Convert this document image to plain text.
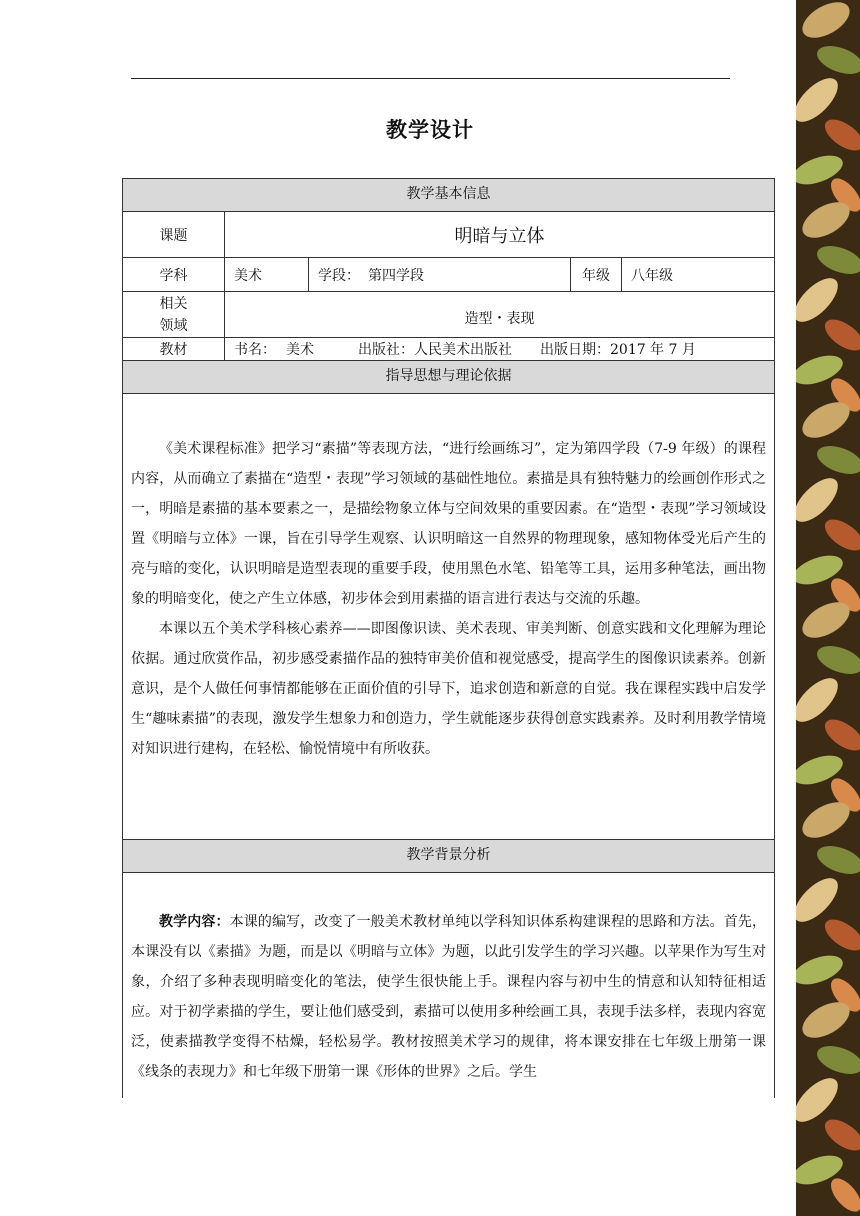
教学设计
教学基本信息
课题	明暗与立体
学科	美术	学段： 第四学段	年级	八年级
相关
领域	造型・表现
教材	书名： 美术	出版社： 人民美术出版社 出版日期： 2017 年 7 月
指导思想与理论依据

《美术课程标准》把学习“素描”等表现方法，“进行绘画练习”，定为第四学段（7-9 年级）的课程内容，从而确立了素描在“造型・表现”学习领域的基础性地位。素描是具有独特魅力的绘画创作形式之一，明暗是素描的基本要素之一，是描绘物象立体与空间效果的重要因素。在“造型・表现”学习领域设置《明暗与立体》一课，旨在引导学生观察、认识明暗这一自然界的物理现象，感知物体受光后产生的亮与暗的变化，认识明暗是造型表现的重要手段，使用黑色水笔、铅笔等工具，运用多种笔法，画出物象的明暗变化，使之产生立体感，初步体会到用素描的语言进行表达与交流的乐趣。

本课以五个美术学科核心素养——即图像识读、美术表现、审美判断、创意实践和文化理解为理论依据。通过欣赏作品，初步感受素描作品的独特审美价值和视觉感受，提高学生的图像识读素养。创新意识，是个人做任何事情都能够在正面价值的引导下，追求创造和新意的自觉。我在课程实践中启发学生“趣味素描”的表现，激发学生想象力和创造力，学生就能逐步获得创意实践素养。及时利用教学情境对知识进行建构，在轻松、愉悦情境中有所收获。

教学背景分析

教学内容：本课的编写，改变了一般美术教材单纯以学科知识体系构建课程的思路和方法。首先，本课没有以《素描》为题，而是以《明暗与立体》为题，以此引发学生的学习兴趣。以苹果作为写生对象，介绍了多种表现明暗变化的笔法，使学生很快能上手。课程内容与初中生的情意和认知特征相适应。对于初学素描的学生，要让他们感受到，素描可以使用多种绘画工具，表现手法多样，表现内容宽泛，使素描教学变得不枯燥，轻松易学。教材按照美术学习的规律，将本课安排在七年级上册第一课《线条的表现力》和七年级下册第一课《形体的世界》之后。学生
